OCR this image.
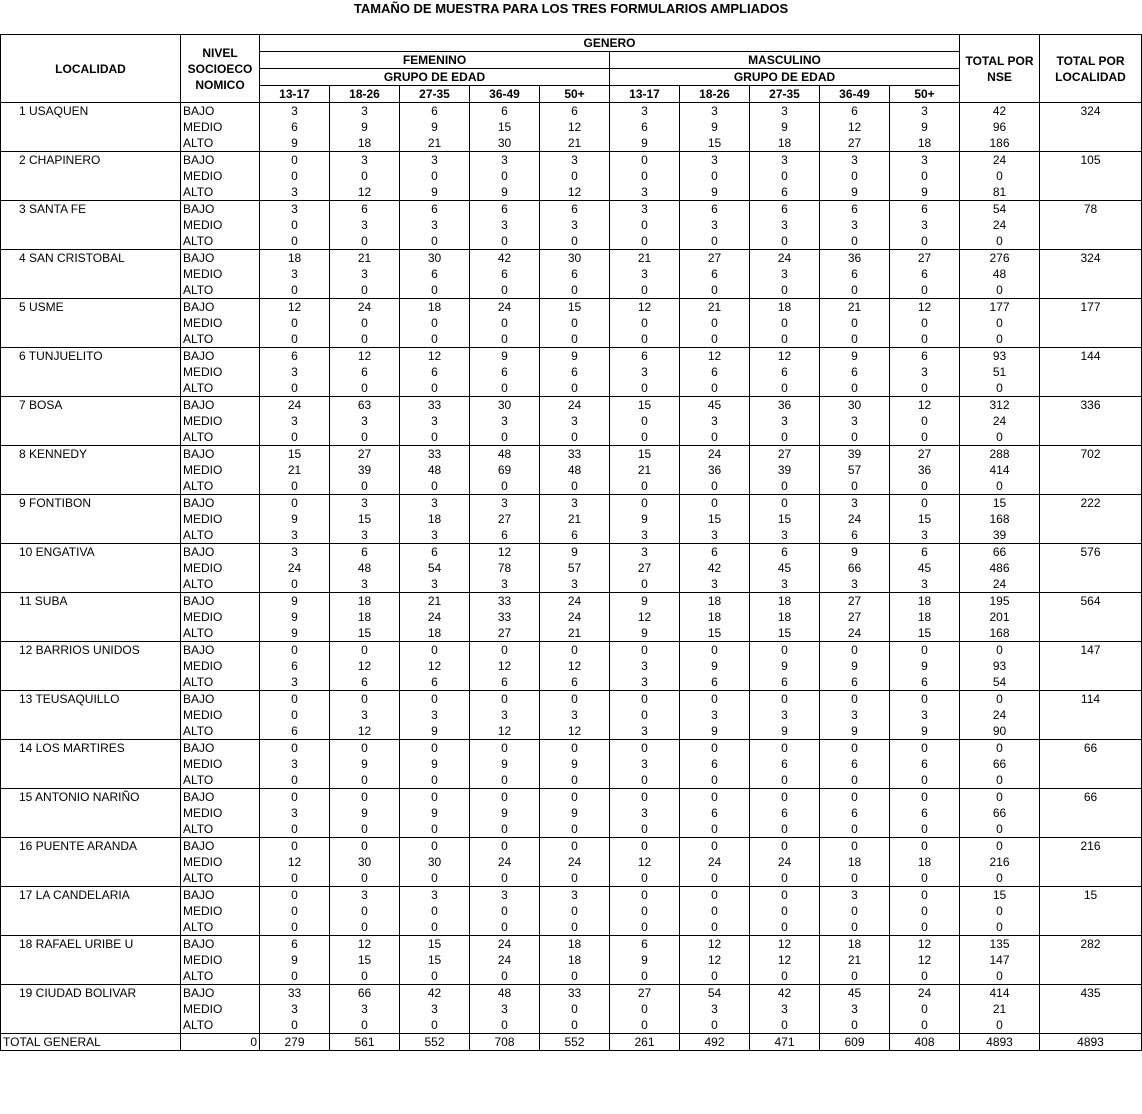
TAMAÑO DE MUESTRA PARA LOS TRES FORMULARIOS AMPLIADOS
LOCALIDAD	NIVEL SOCIOECO NOMICO	GENERO										TOTAL POR NSE	TOTAL POR LOCALIDAD
		FEMENINO					MASCULINO						
		GRUPO DE EDAD					GRUPO DE EDAD						
		13-17	18-26	27-35	36-49	50+	13-17	18-26	27-35	36-49	50+		
1 USAQUEN	BAJO	3	3	6	6	6	3	3	3	6	3	42	324
	MEDIO	6	9	9	15	12	6	9	9	12	9	96	
	ALTO	9	18	21	30	21	9	15	18	27	18	186	
2 CHAPINERO	BAJO	0	3	3	3	3	0	3	3	3	3	24	105
	MEDIO	0	0	0	0	0	0	0	0	0	0	0	
	ALTO	3	12	9	9	12	3	9	6	9	9	81	
3 SANTA FE	BAJO	3	6	6	6	6	3	6	6	6	6	54	78
	MEDIO	0	3	3	3	3	0	3	3	3	3	24	
	ALTO	0	0	0	0	0	0	0	0	0	0	0	
4 SAN CRISTOBAL	BAJO	18	21	30	42	30	21	27	24	36	27	276	324
	MEDIO	3	3	6	6	6	3	6	3	6	6	48	
	ALTO	0	0	0	0	0	0	0	0	0	0	0	
5 USME	BAJO	12	24	18	24	15	12	21	18	21	12	177	177
	MEDIO	0	0	0	0	0	0	0	0	0	0	0	
	ALTO	0	0	0	0	0	0	0	0	0	0	0	
6 TUNJUELITO	BAJO	6	12	12	9	9	6	12	12	9	6	93	144
	MEDIO	3	6	6	6	6	3	6	6	6	3	51	
	ALTO	0	0	0	0	0	0	0	0	0	0	0	
7 BOSA	BAJO	24	63	33	30	24	15	45	36	30	12	312	336
	MEDIO	3	3	3	3	3	0	3	3	3	0	24	
	ALTO	0	0	0	0	0	0	0	0	0	0	0	
8 KENNEDY	BAJO	15	27	33	48	33	15	24	27	39	27	288	702
	MEDIO	21	39	48	69	48	21	36	39	57	36	414	
	ALTO	0	0	0	0	0	0	0	0	0	0	0	
9 FONTIBON	BAJO	0	3	3	3	3	0	0	0	3	0	15	222
	MEDIO	9	15	18	27	21	9	15	15	24	15	168	
	ALTO	3	3	3	6	6	3	3	3	6	3	39	
10 ENGATIVA	BAJO	3	6	6	12	9	3	6	6	9	6	66	576
	MEDIO	24	48	54	78	57	27	42	45	66	45	486	
	ALTO	0	3	3	3	3	0	3	3	3	3	24	
11 SUBA	BAJO	9	18	21	33	24	9	18	18	27	18	195	564
	MEDIO	9	18	24	33	24	12	18	18	27	18	201	
	ALTO	9	15	18	27	21	9	15	15	24	15	168	
12 BARRIOS UNIDOS	BAJO	0	0	0	0	0	0	0	0	0	0	0	147
	MEDIO	6	12	12	12	12	3	9	9	9	9	93	
	ALTO	3	6	6	6	6	3	6	6	6	6	54	
13 TEUSAQUILLO	BAJO	0	0	0	0	0	0	0	0	0	0	0	114
	MEDIO	0	3	3	3	3	0	3	3	3	3	24	
	ALTO	6	12	9	12	12	3	9	9	9	9	90	
14 LOS MARTIRES	BAJO	0	0	0	0	0	0	0	0	0	0	0	66
	MEDIO	3	9	9	9	9	3	6	6	6	6	66	
	ALTO	0	0	0	0	0	0	0	0	0	0	0	
15 ANTONIO NARIÑO	BAJO	0	0	0	0	0	0	0	0	0	0	0	66
	MEDIO	3	9	9	9	9	3	6	6	6	6	66	
	ALTO	0	0	0	0	0	0	0	0	0	0	0	
16 PUENTE ARANDA	BAJO	0	0	0	0	0	0	0	0	0	0	0	216
	MEDIO	12	30	30	24	24	12	24	24	18	18	216	
	ALTO	0	0	0	0	0	0	0	0	0	0	0	
17 LA CANDELARIA	BAJO	0	3	3	3	3	0	0	0	3	0	15	15
	MEDIO	0	0	0	0	0	0	0	0	0	0	0	
	ALTO	0	0	0	0	0	0	0	0	0	0	0	
18 RAFAEL URIBE U	BAJO	6	12	15	24	18	6	12	12	18	12	135	282
	MEDIO	9	15	15	24	18	9	12	12	21	12	147	
	ALTO	0	0	0	0	0	0	0	0	0	0	0	
19 CIUDAD BOLIVAR	BAJO	33	66	42	48	33	27	54	42	45	24	414	435
	MEDIO	3	3	3	3	0	0	3	3	3	0	21	
	ALTO	0	0	0	0	0	0	0	0	0	0	0	
TOTAL GENERAL	0	279	561	552	708	552	261	492	471	609	408	4893	4893
